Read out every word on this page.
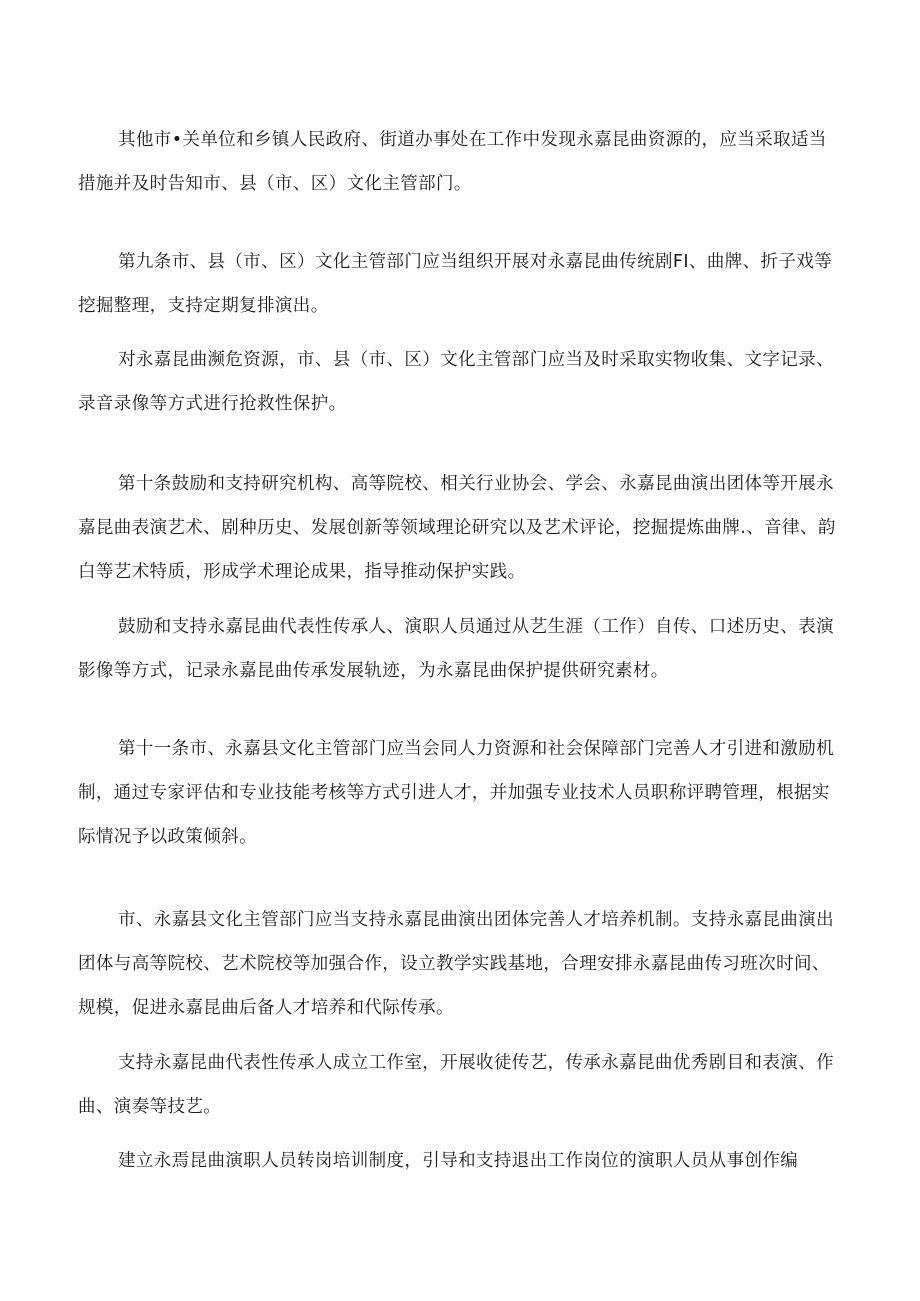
其他市•关单位和乡镇人民政府、街道办事处在工作中发现永嘉昆曲资源的，应当采取适当措施并及时告知市、县（市、区）文化主管部门。

第九条市、县（市、区）文化主管部门应当组织开展对永嘉昆曲传统剧FI、曲牌、折子戏等挖掘整理，支持定期复排演出。

对永嘉昆曲濒危资源，市、县（市、区）文化主管部门应当及时采取实物收集、文字记录、录音录像等方式进行抢救性保护。

第十条鼓励和支持研究机构、高等院校、相关行业协会、学会、永嘉昆曲演出团体等开展永嘉昆曲表演艺术、剧种历史、发展创新等领域理论研究以及艺术评论，挖掘提炼曲牌.、音律、韵白等艺术特质，形成学术理论成果，指导推动保护实践。

鼓励和支持永嘉昆曲代表性传承人、演职人员通过从艺生涯（工作）自传、口述历史、表演影像等方式，记录永嘉昆曲传承发展轨迹，为永嘉昆曲保护提供研究素材。

第十一条市、永嘉县文化主管部门应当会同人力资源和社会保障部门完善人才引进和激励机制，通过专家评估和专业技能考核等方式引进人才，并加强专业技术人员职称评聘管理，根据实际情况予以政策倾斜。

市、永嘉县文化主管部门应当支持永嘉昆曲演出团体完善人才培养机制。支持永嘉昆曲演出团体与高等院校、艺术院校等加强合作，设立教学实践基地，合理安排永嘉昆曲传习班次时间、规模，促进永嘉昆曲后备人才培养和代际传承。

支持永嘉昆曲代表性传承人成立工作室，开展收徒传艺，传承永嘉昆曲优秀剧目和表演、作曲、演奏等技艺。

建立永焉昆曲演职人员转岗培训制度，引导和支持退出工作岗位的演职人员从事创作编
